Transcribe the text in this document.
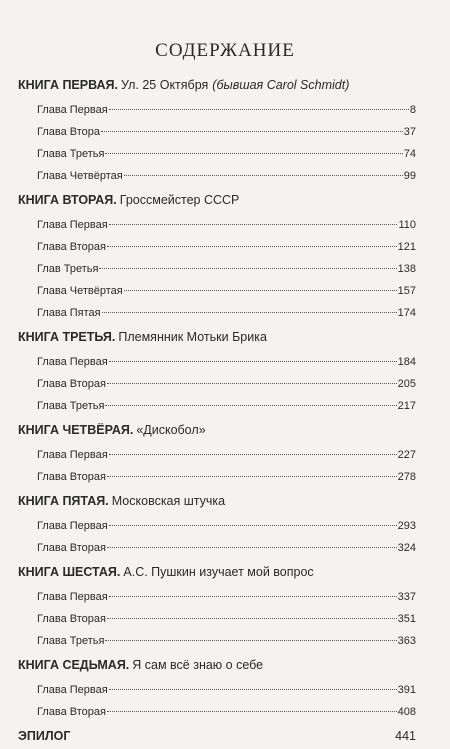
СОДЕРЖАНИЕ
КНИГА ПЕРВАЯ. Ул. 25 Октября (бывшая Carol Schmidt)
Глава Первая	8
Глава Втора	37
Глава Третья	74
Глава Четвёртая	99
КНИГА ВТОРАЯ. Гроссмейстер СССР
Глава Первая	110
Глава Вторая	121
Глав Третья	138
Глава Четвёртая	157
Глава Пятая	174
КНИГА ТРЕТЬЯ. Племянник Мотьки Брика
Глава Первая	184
Глава Вторая	205
Глава Третья	217
КНИГА ЧЕТВЁРАЯ. «Дискобол»
Глава Первая	227
Глава Вторая	278
КНИГА ПЯТАЯ. Московская штучка
Глава Первая	293
Глава Вторая	324
КНИГА ШЕСТАЯ. А.С. Пушкин изучает мой вопрос
Глава Первая	337
Глава Вторая	351
Глава Третья	363
КНИГА СЕДЬМАЯ. Я сам всё знаю о себе
Глава Первая	391
Глава Вторая	408
ЭПИЛОГ	441
